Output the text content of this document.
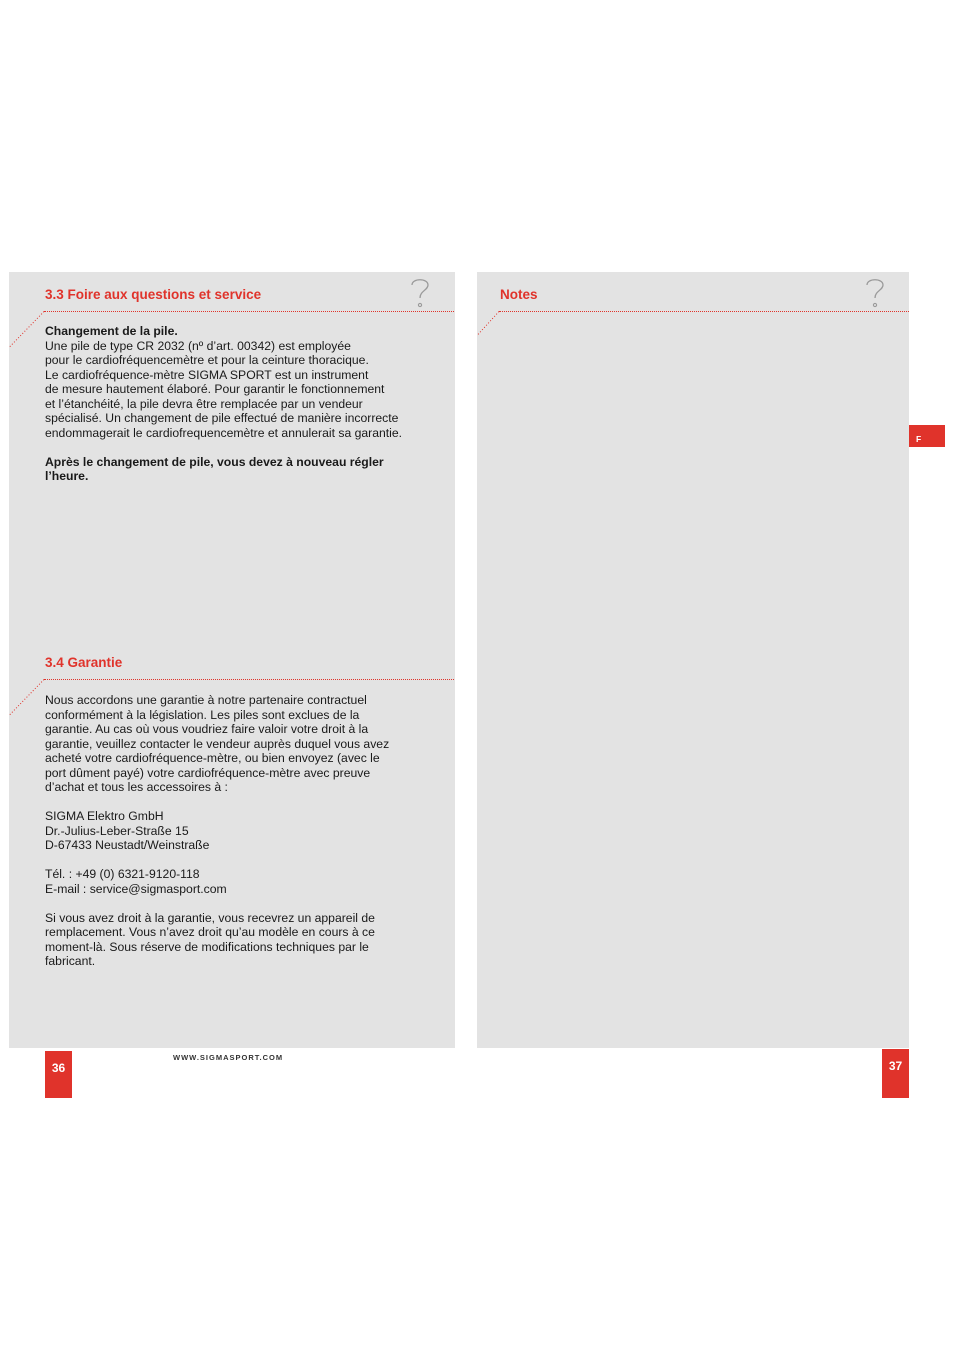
3.3 Foire aux questions et service

Changement de la pile.

Une pile de type CR 2032 (nº d’art. 00342) est employée

pour le cardiofréquencemètre et pour la ceinture thoracique.

Le cardiofréquence-mètre SIGMA SPORT est un instrument

de mesure hautement élaboré. Pour garantir le fonctionnement

et l’étanchéité, la pile devra être remplacée par un vendeur

spécialisé. Un changement de pile effectué de manière incorrecte

endommagerait le cardiofrequencemètre et annulerait sa garantie.

Après le changement de pile, vous devez à nouveau régler

l’heure.

3.4 Garantie

Nous accordons une garantie à notre partenaire contractuel

conformément à la législation. Les piles sont exclues de la

garantie. Au cas où vous voudriez faire valoir votre droit à la

garantie, veuillez contacter le vendeur auprès duquel vous avez

acheté votre cardiofréquence-mètre, ou bien envoyez (avec le

port dûment payé) votre cardiofréquence-mètre avec preuve

d’achat et tous les accessoires à :

SIGMA Elektro GmbH

Dr.-Julius-Leber-Straße 15

D-67433 Neustadt/Weinstraße

Tél. : +49 (0) 6321-9120-118

E-mail : service@sigmasport.com

Si vous avez droit à la garantie, vous recevrez un appareil de

remplacement. Vous n’avez droit qu’au modèle en cours à ce

moment-là. Sous réserve de modifications techniques par le

fabricant.

Notes
F
36
WWW.SIGMASPORT.COM
37
